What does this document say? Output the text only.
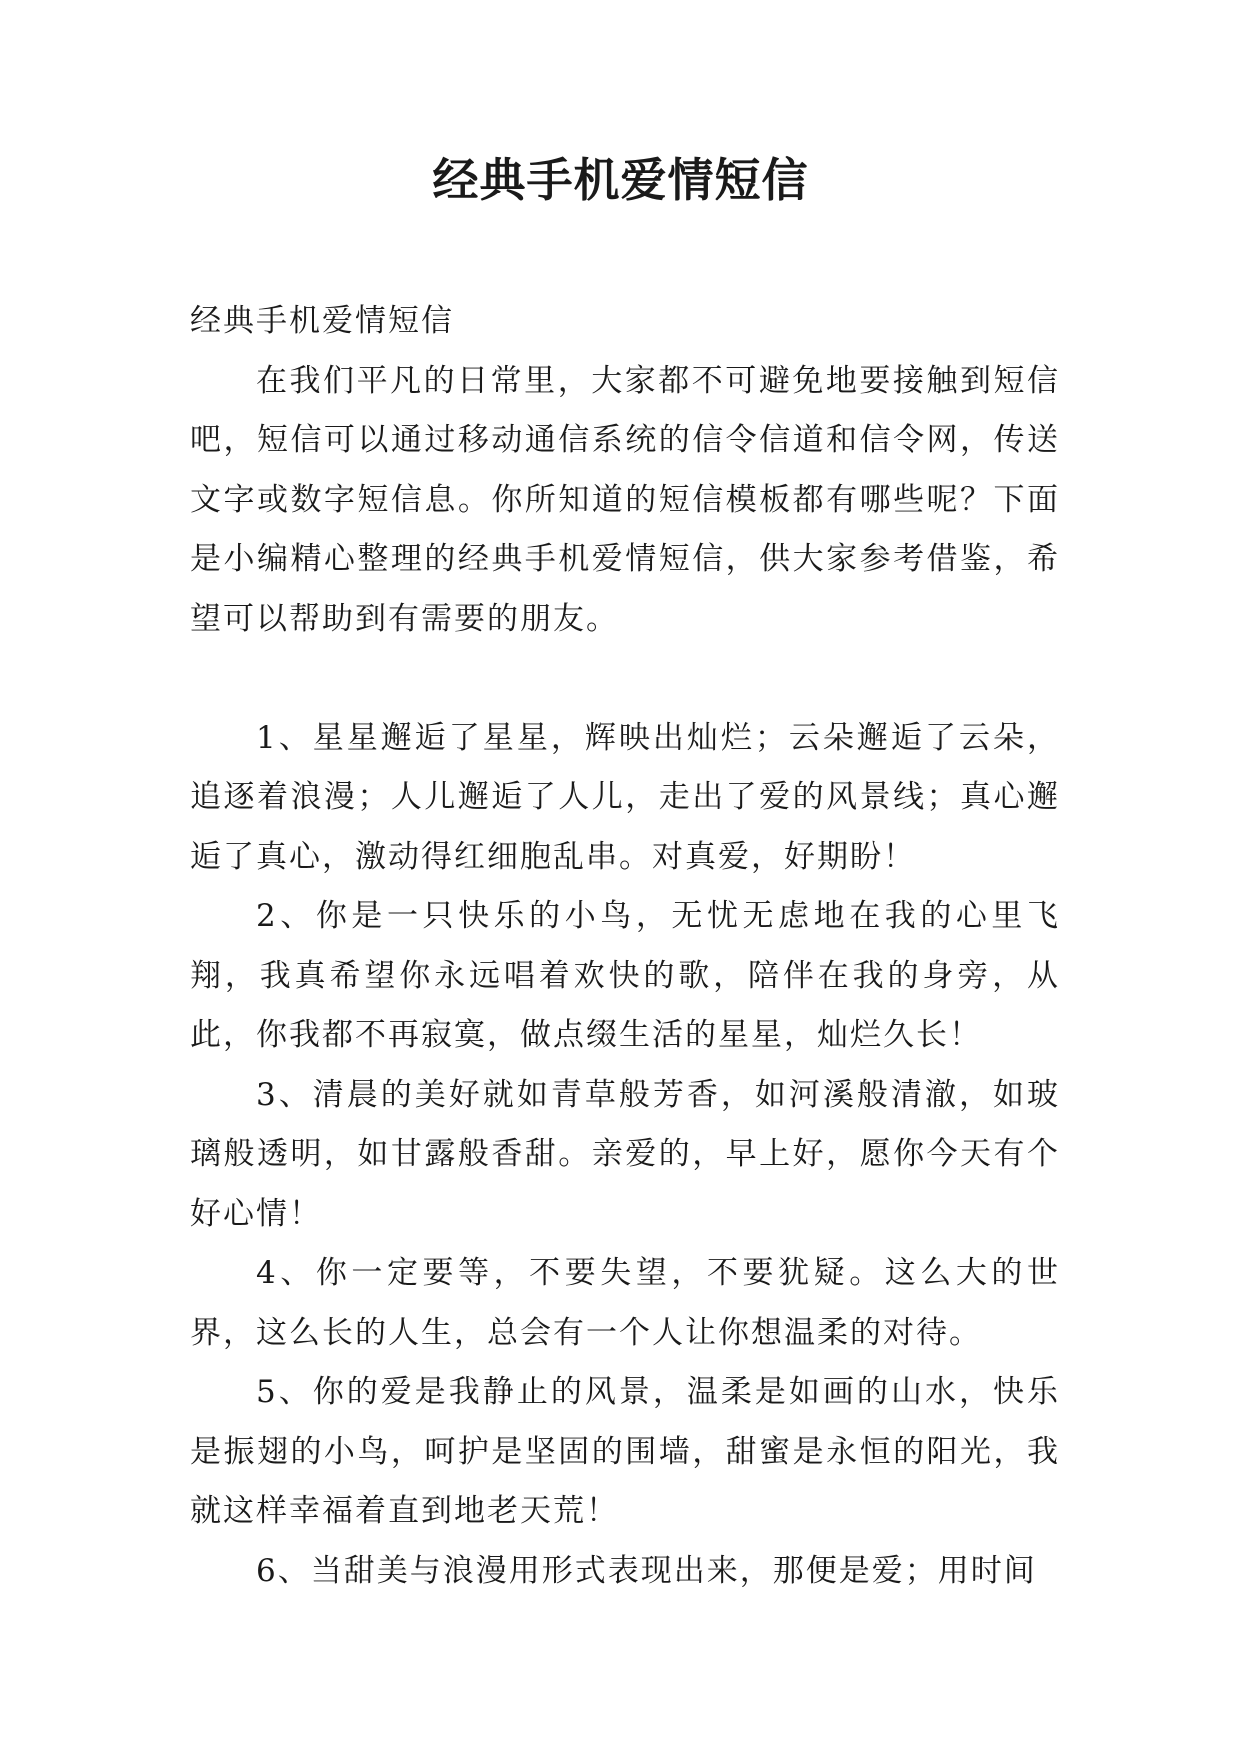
经典手机爱情短信

经典手机爱情短信

在我们平凡的日常里，大家都不可避免地要接触到短信吧，短信可以通过移动通信系统的信令信道和信令网，传送文字或数字短信息。你所知道的短信模板都有哪些呢？下面是小编精心整理的经典手机爱情短信，供大家参考借鉴，希望可以帮助到有需要的朋友。

1、星星邂逅了星星，辉映出灿烂；云朵邂逅了云朵，追逐着浪漫；人儿邂逅了人儿，走出了爱的风景线；真心邂逅了真心，激动得红细胞乱串。对真爱，好期盼！

2、你是一只快乐的小鸟，无忧无虑地在我的心里飞翔，我真希望你永远唱着欢快的歌，陪伴在我的身旁，从此，你我都不再寂寞，做点缀生活的星星，灿烂久长！

3、清晨的美好就如青草般芳香，如河溪般清澈，如玻璃般透明，如甘露般香甜。亲爱的，早上好，愿你今天有个好心情！

4、你一定要等，不要失望，不要犹疑。这么大的世界，这么长的人生，总会有一个人让你想温柔的对待。

5、你的爱是我静止的风景，温柔是如画的山水，快乐是振翅的小鸟，呵护是坚固的围墙，甜蜜是永恒的阳光，我就这样幸福着直到地老天荒！

6、当甜美与浪漫用形式表现出来，那便是爱；用时间
